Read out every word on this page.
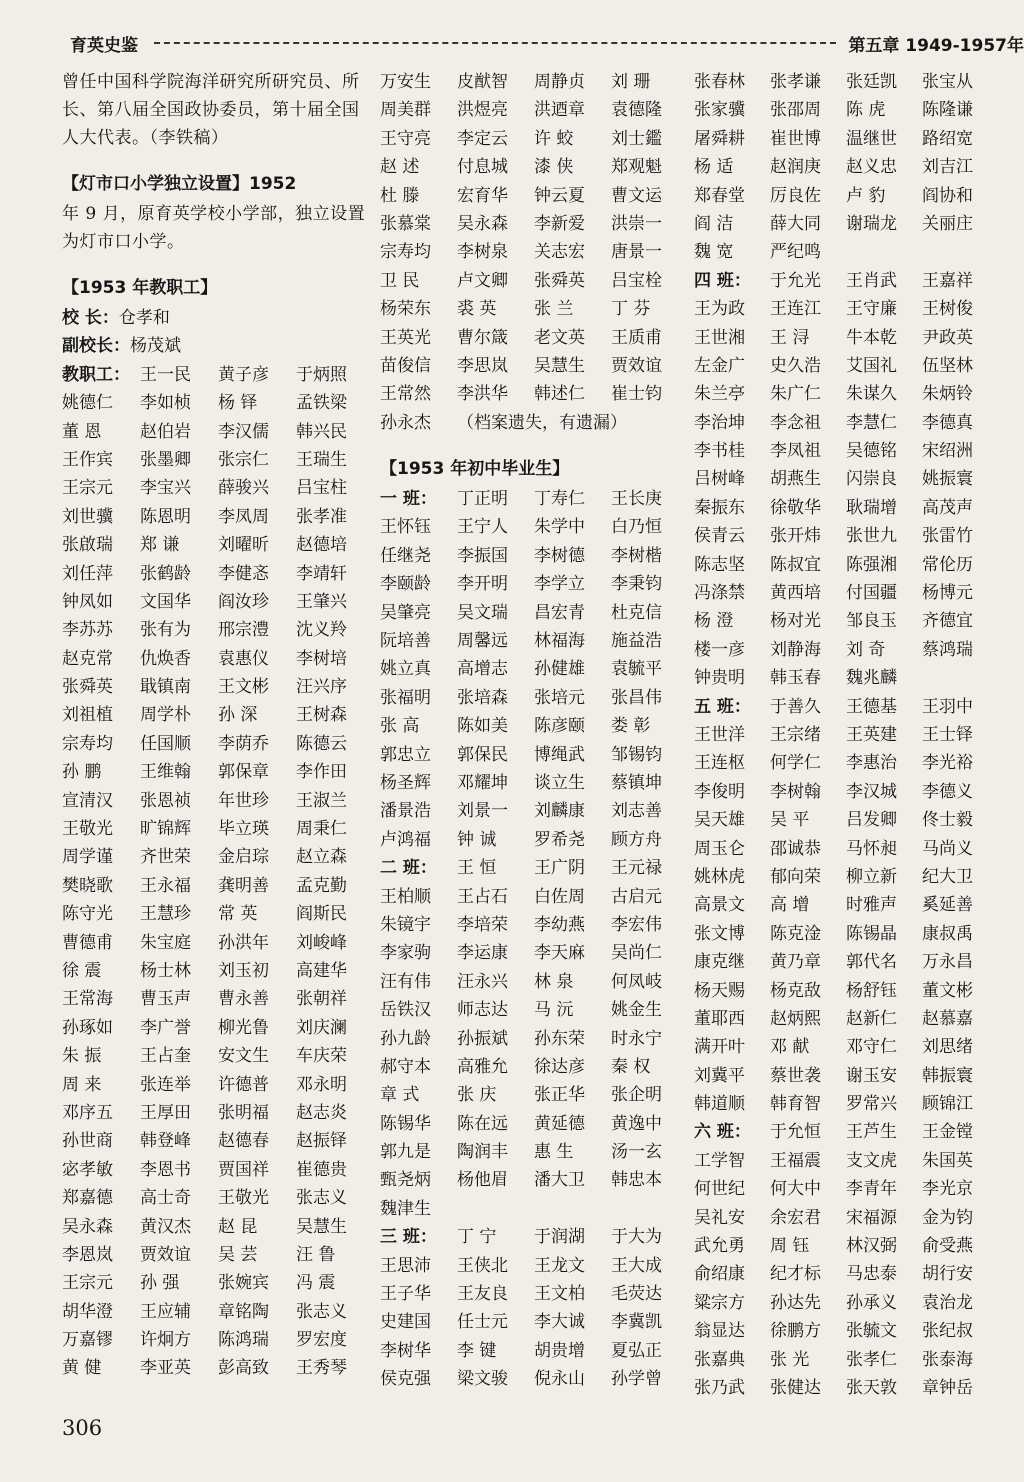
育英史鉴	第五章 1949-1957年

曾任中国科学院海洋研究所研究员、所长、第八届全国政协委员，第十届全国人大代表。（李铁稿）

【灯市口小学独立设置】1952

年 9 月，原育英学校小学部，独立设置为灯市口小学。

【1953 年教职工】

校 长： 仓孝和
副校长： 杨茂斌
教职工： 王一民	黄子彦	于炳照
姚德仁	李如桢	杨 铎	孟铁梁
董 恩	赵伯岩	李汉儒	韩兴民
王作宾	张墨卿	张宗仁	王瑞生
王宗元	李宝兴	薛骏兴	吕宝柱
刘世骥	陈恩明	李凤周	张孝准
张啟瑞	郑 谦	刘曜昕	赵德培
刘任萍	张鹤龄	李健忞	李靖轩
钟凤如	文国华	阎汝珍	王肇兴
李苏苏	张有为	邢宗澧	沈义羚
赵克常	仇焕香	袁惠仪	李树培
张舜英	戢镇南	王文彬	汪兴序
刘祖植	周学朴	孙 深	王树森
宗寿均	任国顺	李荫乔	陈德云
孙 鹏	王维翰	郭保章	李作田
宣清汉	张恩祯	年世珍	王淑兰
王敬光	旷锦辉	毕立瑛	周秉仁
周学谨	齐世荣	金启琮	赵立森
樊晓歌	王永福	龚明善	孟克勤
陈守光	王慧珍	常 英	阎斯民
曹德甫	朱宝庭	孙洪年	刘峻峰
徐 震	杨士林	刘玉初	高建华
王常海	曹玉声	曹永善	张朝祥
孙琢如	李广誉	柳光鲁	刘庆澜
朱 振	王占奎	安文生	车庆荣
周 来	张连举	许德普	邓永明
邓序五	王厚田	张明福	赵志炎
孙世商	韩登峰	赵德春	赵振铎
宓孝敏	李恩书	贾国祥	崔德贵
郑嘉德	高士奇	王敬光	张志义
吴永森	黄汉杰	赵 昆	吴慧生
李恩岚	贾效谊	吴 芸	汪 鲁
王宗元	孙 强	张婉宾	冯 震
胡华澄	王应辅	章铭陶	张志义
万嘉镠	许炯方	陈鸿瑞	罗宏度
黄 健	李亚英	彭高致	王秀琴
万安生	皮猷智	周静贞	刘 珊
周美群	洪煜亮	洪迺章	袁德隆
王守亮	李定云	许 蛟	刘士鑑
赵 述	付息城	漆 侠	郑观魁
杜 滕	宏育华	钟云夏	曹文运
张慕棠	吴永森	李新爱	洪崇一
宗寿均	李树泉	关志宏	唐景一
卫 民	卢文卿	张舜英	吕宝栓
杨荣东	裘 英	张 兰	丁 芬
王英光	曹尔箴	老文英	王质甫
苗俊信	李思岚	吴慧生	贾效谊
王常然	李洪华	韩述仁	崔士钧
孙永杰	（档案遗失，有遗漏）

【1953 年初中毕业生】

一 班：	丁正明	丁寿仁	王长庚
王怀钰	王宁人	朱学中	白乃恒
任继尧	李振国	李树德	李树楷
李颐龄	李开明	李学立	李秉钧
吴肇亮	吴文瑞	昌宏青	杜克信
阮培善	周馨远	林福海	施益浩
姚立真	高增志	孙健雄	袁毓平
张福明	张培森	张培元	张昌伟
张 高	陈如美	陈彦颐	娄 彰
郭忠立	郭保民	博绳武	邹锡钧
杨圣辉	邓耀坤	谈立生	蔡镇坤
潘景浩	刘景一	刘麟康	刘志善
卢鸿福	钟 诚	罗希尧	顾方舟
二 班：	王 恒	王广阴	王元禄
王柏顺	王占石	白佐周	古启元
朱镜宇	李培荣	李幼燕	李宏伟
李家驹	李运康	李天麻	吴尚仁
汪有伟	汪永兴	林 泉	何凤岐
岳铁汉	师志达	马 沅	姚金生
孙九龄	孙振斌	孙东荣	时永宁
郝守本	高雅允	徐达彦	秦 权
章 式	张 庆	张正华	张企明
陈锡华	陈在远	黄延德	黄逸中
郭九是	陶润丰	惠 生	汤一玄
甄尧炳	杨他眉	潘大卫	韩忠本
魏津生
三 班：	丁 宁	于润湖	于大为
王思沛	王侠北	王龙文	王大成
王子华	王友良	王文柏	毛荧达
史建国	任士元	李大诚	李冀凯
李树华	李 键	胡贵增	夏弘正
侯克强	梁文骏	倪永山	孙学曾
张春林	张孝谦	张廷凯	张宝从
张家骥	张邵周	陈 虎	陈隆谦
屠舜耕	崔世博	温继世	路绍宽
杨 适	赵润庚	赵义忠	刘吉江
郑春堂	厉良佐	卢 豹	阎协和
阎 洁	薛大同	谢瑞龙	关丽庄
魏 宽	严纪鸣
四 班：	于允光	王肖武	王嘉祥
王为政	王连江	王守廉	王树俊
王世湘	王 浔	牛本乾	尹政英
左金广	史久浩	艾国礼	伍坚林
朱兰亭	朱广仁	朱谋久	朱炳铃
李治坤	李念祖	李慧仁	李德真
李书桂	李凤祖	吴德铭	宋绍洲
吕树峰	胡燕生	闪崇良	姚振寰
秦振东	徐敬华	耿瑞增	高茂声
侯青云	张开炜	张世九	张雷竹
陈志坚	陈叔宜	陈强湘	常伦历
冯涤禁	黄西培	付国疆	杨博元
杨 澄	杨对光	邹良玉	齐德宜
楼一彦	刘静海	刘 奇	蔡鸿瑞
钟贵明	韩玉春	魏兆麟
五 班：	于善久	王德基	王羽中
王世洋	王宗绪	王英建	王士铎
王连枢	何学仁	李惠治	李光裕
李俊明	李树翰	李汉城	李德义
吴天雄	吴 平	吕发卿	佟士毅
周玉仑	邵诚恭	马怀昶	马尚义
姚林虎	郁向荣	柳立新	纪大卫
高景文	高 增	时雅声	奚延善
张文博	陈克淦	陈锡晶	康叔禹
康克继	黄乃章	郭代名	万永昌
杨天赐	杨克敌	杨舒钰	董文彬
董耶西	赵炳熙	赵新仁	赵慕嘉
满开叶	邓 献	邓守仁	刘思绪
刘冀平	蔡世袭	谢玉安	韩振寰
韩道顺	韩育智	罗常兴	顾锦江
六 班：	于允恒	王芦生	王金镗
工学智	王福震	支文虎	朱国英
何世纪	何大中	李青年	李光京
吴礼安	余宏君	宋福源	金为钧
武允勇	周 钰	林汉弼	俞受燕
俞绍康	纪才标	马忠泰	胡行安
粱宗方	孙达先	孙承义	袁治龙
翁显达	徐鹏方	张毓文	张纪叔
张嘉典	张 光	张孝仁	张泰海
张乃武	张健达	张天敦	章钟岳
306
